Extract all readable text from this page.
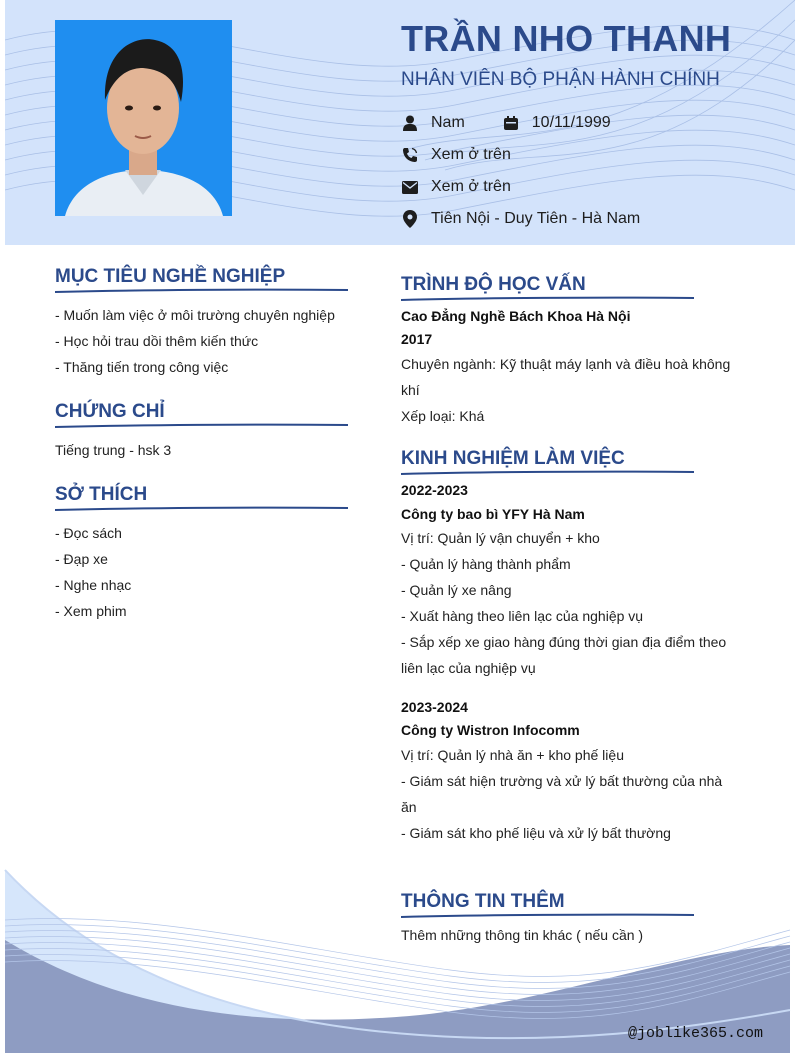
TRẦN NHO THANH
NHÂN VIÊN BỘ PHẬN HÀNH CHÍNH
Nam	10/11/1999
Xem ở trên
Xem ở trên
Tiên Nội - Duy Tiên - Hà Nam
MỤC TIÊU NGHỀ NGHIỆP
- Muốn làm việc ở môi trường chuyên nghiệp
- Học hỏi trau dồi thêm kiến thức
- Thăng tiến trong công việc
CHỨNG CHỈ
Tiếng trung - hsk 3
SỞ THÍCH
- Đọc sách
- Đạp xe
- Nghe nhạc
- Xem phim
TRÌNH ĐỘ HỌC VẤN
Cao Đẳng Nghề Bách Khoa Hà Nội
2017
Chuyên ngành: Kỹ thuật máy lạnh và điều hoà không
khí
Xếp loại: Khá
KINH NGHIỆM LÀM VIỆC
2022-2023
Công ty bao bì YFY Hà Nam
Vị trí: Quản lý vận chuyển + kho
- Quản lý hàng thành phẩm
- Quản lý xe nâng
- Xuất hàng theo liên lạc của nghiệp vụ
- Sắp xếp xe giao hàng đúng thời gian địa điểm theo
liên lạc của nghiệp vụ
2023-2024
Công ty Wistron Infocomm
Vị trí: Quản lý nhà ăn + kho phế liệu
- Giám sát hiện trường và xử lý bất thường của nhà
ăn
- Giám sát kho phế liệu và xử lý bất thường
THÔNG TIN THÊM
Thêm những thông tin khác ( nếu cần )
@joblike365.com
